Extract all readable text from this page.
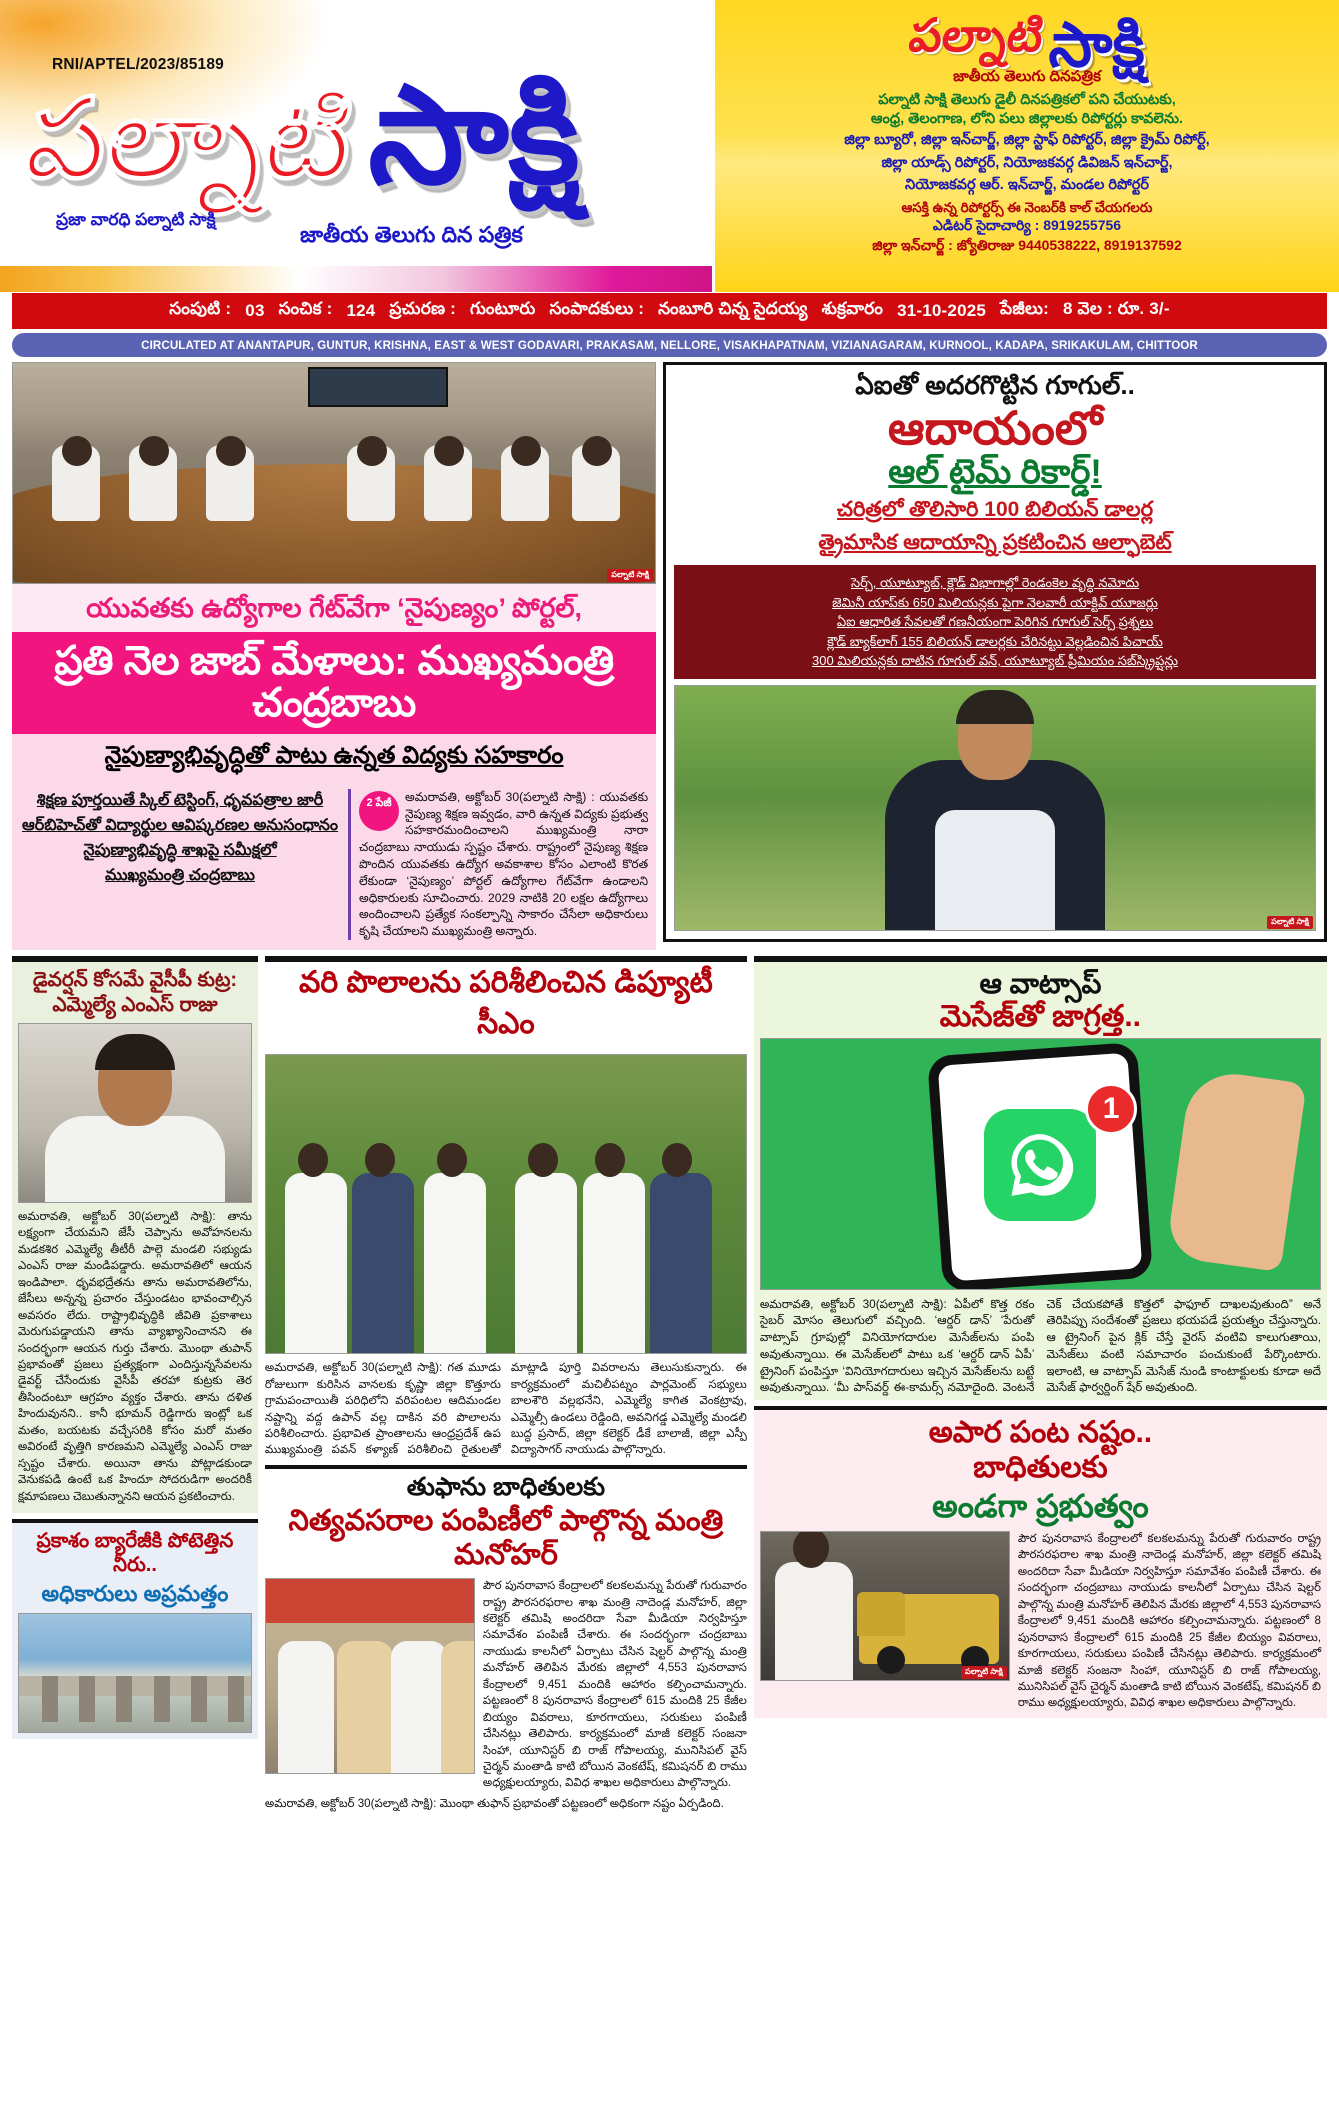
RNI/APTEL/2023/85189
పల్నాటి సాక్షి
ప్రజా వారధి పల్నాటి సాక్షి
జాతీయ తెలుగు దిన పత్రిక
పల్నాటి సాక్షి
జాతీయ తెలుగు దినపత్రిక
పల్నాటి సాక్షి తెలుగు డైలీ దినపత్రికలో పని చేయుటకు,
ఆంధ్ర, తెలంగాణ, లోని పలు జిల్లాలకు రిపోర్టర్లు కావలెను.
జిల్లా బ్యూరో, జిల్లా ఇన్‌చార్జ్, జిల్లా స్టాఫ్ రిపోర్టర్, జిల్లా క్రైమ్ రిపోర్ట్,
జిల్లా యాడ్స్ రిపోర్టర్, నియోజకవర్గ డివిజన్ ఇన్‌చార్జ్,
నియోజకవర్గ ఆర్. ఇన్‌చార్జ్, మండల రిపోర్టర్
ఆసక్తి ఉన్న రిపోర్టర్స్ ఈ నెంబర్‌కి కాల్ చేయగలరు
ఎడిటర్ సైదాచార్యి : 8919255756
జిల్లా ఇన్‌చార్జ్ : జ్యోతిరాజు 9440538222, 8919137592
సంపుటి : 03 సంచిక : 124 ప్రచురణ : గుంటూరు సంపాదకులు : నంబూరి చిన్న సైదయ్య శుక్రవారం 31-10-2025 పేజీలు: 8 వెల : రూ. 3/-
CIRCULATED AT ANANTAPUR, GUNTUR, KRISHNA, EAST & WEST GODAVARI, PRAKASAM, NELLORE, VISAKHAPATNAM, VIZIANAGARAM, KURNOOL, KADAPA, SRIKAKULAM, CHITTOOR
పల్నాటి సాక్షి
యువతకు ఉద్యోగాల గేట్‌వేగా ‘నైపుణ్యం’ పోర్టల్,
ప్రతి నెల జాబ్ మేళాలు: ముఖ్యమంత్రి చంద్రబాబు
నైపుణ్యాభివృద్ధితో పాటు ఉన్నత విద్యకు సహకారం
శిక్షణ పూర్తయితే స్కిల్ టెస్టింగ్, ధృవపత్రాల జారీ
ఆర్‌బిహెచ్‌తో విద్యార్థుల ఆవిష్కరణల అనుసంధానం
నైపుణ్యాభివృద్ధి శాఖపై సమీక్షలో
ముఖ్యమంత్రి చంద్రబాబు
2 పేజీ	అమరావతి, అక్టోబర్ 30(పల్నాటి సాక్షి) : యువతకు నైపుణ్య శిక్షణ ఇవ్వడం, వారి ఉన్నత విద్యకు ప్రభుత్వ సహకారమందించాలని ముఖ్యమంత్రి నారా చంద్రబాబు నాయుడు స్పష్టం చేశారు. రాష్ట్రంలో నైపుణ్య శిక్షణ పొందిన యువతకు ఉద్యోగ అవకాశాల కోసం ఎలాంటి కొరత లేకుండా ‘నైపుణ్యం’ పోర్టల్ ఉద్యోగాల గేట్‌వేగా ఉండాలని అధికారులకు సూచించారు. 2029 నాటికి 20 లక్షల ఉద్యోగాలు అందించాలని ప్రత్యేక సంకల్పాన్ని సాకారం చేసేలా అధికారులు కృషి చేయాలని ముఖ్యమంత్రి అన్నారు.
ఏఐతో అదరగొట్టిన గూగుల్..
ఆదాయంలో
ఆల్ టైమ్ రికార్డ్!
చరిత్రలో తొలిసారి 100 బిలియన్ డాలర్ల
త్రైమాసిక ఆదాయాన్ని ప్రకటించిన ఆల్ఫాబెట్
సెర్చ్, యూట్యూబ్, క్లౌడ్ విభాగాల్లో రెండంకెల వృద్ధి నమోదు
జెమినీ యాప్‌కు 650 మిలియన్లకు పైగా నెలవారీ యాక్టివ్ యూజర్లు
ఏఐ ఆధారిత సేవలతో గణనీయంగా పెరిగిన గూగుల్ సెర్చ్ ప్రశ్నలు
క్లౌడ్ బ్యాక్‌లాగ్ 155 బిలియన్ డాలర్లకు చేరినట్టు వెల్లడించిన పిచాయ్
300 మిలియన్లకు దాటిన గూగుల్ వన్, యూట్యూబ్ ప్రీమియం సబ్‌స్క్రిప్షన్లు
పల్నాటి సాక్షి
డైవర్షన్ కోసమే వైసీపీ కుట్ర:
ఎమ్మెల్యే ఎంఎస్ రాజు
అమరావతి, అక్టోబర్ 30(పల్నాటి సాక్షి): తాను లక్ష్యంగా చేయమని జేసీ చెప్పాను అవోహనలను మడకశిర ఎమ్మెల్యే తీటీరీ పాల్గె మండలి సభ్యుడు ఎంఎస్ రాజు మండిపడ్డారు. అమరావతిలో ఆయన ఇండిపాలా. ధృవభద్రేతను తాను అమరావతిలోను, జేసీలు అన్నన్న ప్రచారం చేస్తుండటం భావంచాల్సిన అవసరం లేదు. రాష్ట్రాభివృద్ధికి జీవితి ప్రకాశాలు మెరుగుపడ్డాయని తాను వ్యాఖ్యానించానని ఈ సందర్భంగా ఆయన గుర్తు చేశారు. మొంథా తుపాన్ ప్రభావంతో ప్రజలు ప్రత్యక్షంగా ఎందిస్తున్నసేవలను డైవర్ట్ చేసేందుకు వైసీపీ తరహా కుట్రకు తెర తీసిందంటూ ఆగ్రహం వ్యక్తం చేశారు. తాను దళిత హిందువునని.. కానీ భూమన్ రెడ్డిగారు ఇంట్లో ఒక మతం, బయటకు వచ్చేసరికి కోసం మరో మతం అవిరంటే వృత్తిగి కారణమని ఎమ్మెల్యే ఎంఎస్ రాజు స్పష్టం చేశారు. అయినా తాను పోట్లాడకుండా వెనుకపడి ఉంటే ఒక హిందూ సోదరుడిగా అందరికీ క్షమాపణలు చెబుతున్నానని ఆయన ప్రకటించారు.
ప్రకాశం బ్యారేజీకి పోటెత్తిన నీరు..
అధికారులు అప్రమత్తం
వరి పొలాలను పరిశీలించిన డిప్యూటీ సీఎం
అమరావతి, అక్టోబర్ 30(పల్నాటి సాక్షి): గత మూడు రోజులుగా కురిసిన వానలకు కృష్ణా జిల్లా కొత్తూరు గ్రామపంచాయితీ పరిధిలోని వరిపంటల ఆదిమండల నష్టాన్ని వద్ద ఉపాన్ వల్ల దాకిన వరి పొలాలను పరిశీలించారు. ప్రభావిత ప్రాంతాలను ఆంధ్రప్రదేశ్ ఉప ముఖ్యమంత్రి పవన్ కళ్యాణ్ పరిశీలించి రైతులతో మాట్లాడి పూర్తి వివరాలను తెలుసుకున్నారు. ఈ కార్యక్రమంలో మచిలీపట్నం పార్లమెంట్ సభ్యులు బాలశౌరి వల్లభనేని, ఎమ్మెల్యే కాగిత వెంకట్రావు, ఎమ్మెల్సీ ఉండలు రెడ్డింది, అవనిగడ్డ ఎమ్మెల్యే మండలి బుద్ధ ప్రసాద్, జిల్లా కలెక్టర్ డీకే బాలాజీ, జిల్లా ఎస్పీ విద్యాసాగర్ నాయుడు పాల్గొన్నారు.
తుఫాను బాధితులకు
నిత్యవసరాల పంపిణీలో పాల్గొన్న మంత్రి మనోహర్
పౌర పునరావాస కేంద్రాలలో కలకలమన్ను పేరుతో గురువారం రాష్ట్ర పౌరసరఫరాల శాఖ మంత్రి నాదెండ్ల మనోహర్, జిల్లా కలెక్టర్ తమిషి అందరిదా సేవా మీడియా నిర్వహిస్తూ సమావేశం పంపిణీ చేశారు. ఈ సందర్భంగా చంద్రబాబు నాయుడు కాలనీలో ఏర్పాటు చేసిన షెల్టర్ పాల్గొన్న మంత్రి మనోహర్ తెలిపిన మేరకు జిల్లాలో 4,553 పునరావాస కేంద్రాలలో 9,451 మందికి ఆహారం కల్పించామన్నారు. పట్టణంలో 8 పునరావాస కేంద్రాలలో 615 మందికి 25 కేజీల బియ్యం వివరాలు, కూరగాయలు, సరుకులు పంపిణీ చేసినట్లు తెలిపారు. కార్యక్రమంలో మాజీ కలెక్టర్ సంజనా సింహా, యూనిస్టర్ బి రాజ్ గోపాలయ్య, మునిసిపల్ వైస్ చైర్మన్ మంతాడి కాటి బోయిన వెంకటేష్, కమిషనర్ బి రాము అధ్యక్షులయ్యారు, వివిధ శాఖల అధికారులు పాల్గొన్నారు.
అమరావతి, అక్టోబర్ 30(పల్నాటి సాక్షి): మొంథా తుఫాన్ ప్రభావంతో పట్టణంలో అధికంగా నష్టం ఏర్పడింది.
ఆ వాట్సాప్
మెసేజ్‌తో జాగ్రత్త..
1
అమరావతి, అక్టోబర్ 30(పల్నాటి సాక్షి): ఏపీలో కొత్త రకం సైబర్ మోసం తెలుగులో వచ్చింది. ‘ఆర్డర్ డాన్’ ‘పేరుతో వాట్సాప్ గ్రూపుల్లో వినియోగదారుల మెసేజ్‌లను పంపి అవుతున్నాయి. ఈ మెసేజ్‌లలో పాటు ఒక ‘ఆర్డర్ డాన్ ఏపీ’ ట్రైనింగ్ పంపిస్తూ ‘వినియోగదారులు ఇచ్చిన మెసేజ్‌లను బట్టే అవుతున్నాయి. ‘మీ పాస్‌వర్డ్ ఈ-కామర్స్ నమోదైంది. వెంటనే చెక్ చేయకపోతే కొత్తలో ఫాఫూల్ దాఖలవుతుంది” అనే తెరిపిప్పు సందేశంతో ప్రజలు భయపడే ప్రయత్నం చేస్తున్నారు. ఆ ట్రైనింగ్ పైన క్లిక్ చేస్తే వైరస్ వంటివి కాలుగుతాయి, మెసేజ్‌లు వంటి సమాచారం పంచుకుంటే పేర్కొంటారు. ఇలాంటి, ఆ వాట్సాప్ మెసేజ్ నుండి కాంటాక్టులకు కూడా అదే మెసేజ్ ఫార్వర్డింగ్ షేర్ అవుతుంది.
అపార పంట నష్టం..
బాధితులకు
అండగా ప్రభుత్వం
పల్నాటి సాక్షి
పౌర పునరావాస కేంద్రాలలో కలకలమన్ను పేరుతో గురువారం రాష్ట్ర పౌరసరఫరాల శాఖ మంత్రి నాదెండ్ల మనోహర్, జిల్లా కలెక్టర్ తమిషి అందరిదా సేవా మీడియా నిర్వహిస్తూ సమావేశం పంపిణీ చేశారు. ఈ సందర్భంగా చంద్రబాబు నాయుడు కాలనీలో ఏర్పాటు చేసిన షెల్టర్ పాల్గొన్న మంత్రి మనోహర్ తెలిపిన మేరకు జిల్లాలో 4,553 పునరావాస కేంద్రాలలో 9,451 మందికి ఆహారం కల్పించామన్నారు. పట్టణంలో 8 పునరావాస కేంద్రాలలో 615 మందికి 25 కేజీల బియ్యం వివరాలు, కూరగాయలు, సరుకులు పంపిణీ చేసినట్లు తెలిపారు. కార్యక్రమంలో మాజీ కలెక్టర్ సంజనా సింహా, యూనిస్టర్ బి రాజ్ గోపాలయ్య, మునిసిపల్ వైస్ చైర్మన్ మంతాడి కాటి బోయిన వెంకటేష్, కమిషనర్ బి రాము అధ్యక్షులయ్యారు, వివిధ శాఖల అధికారులు పాల్గొన్నారు.
